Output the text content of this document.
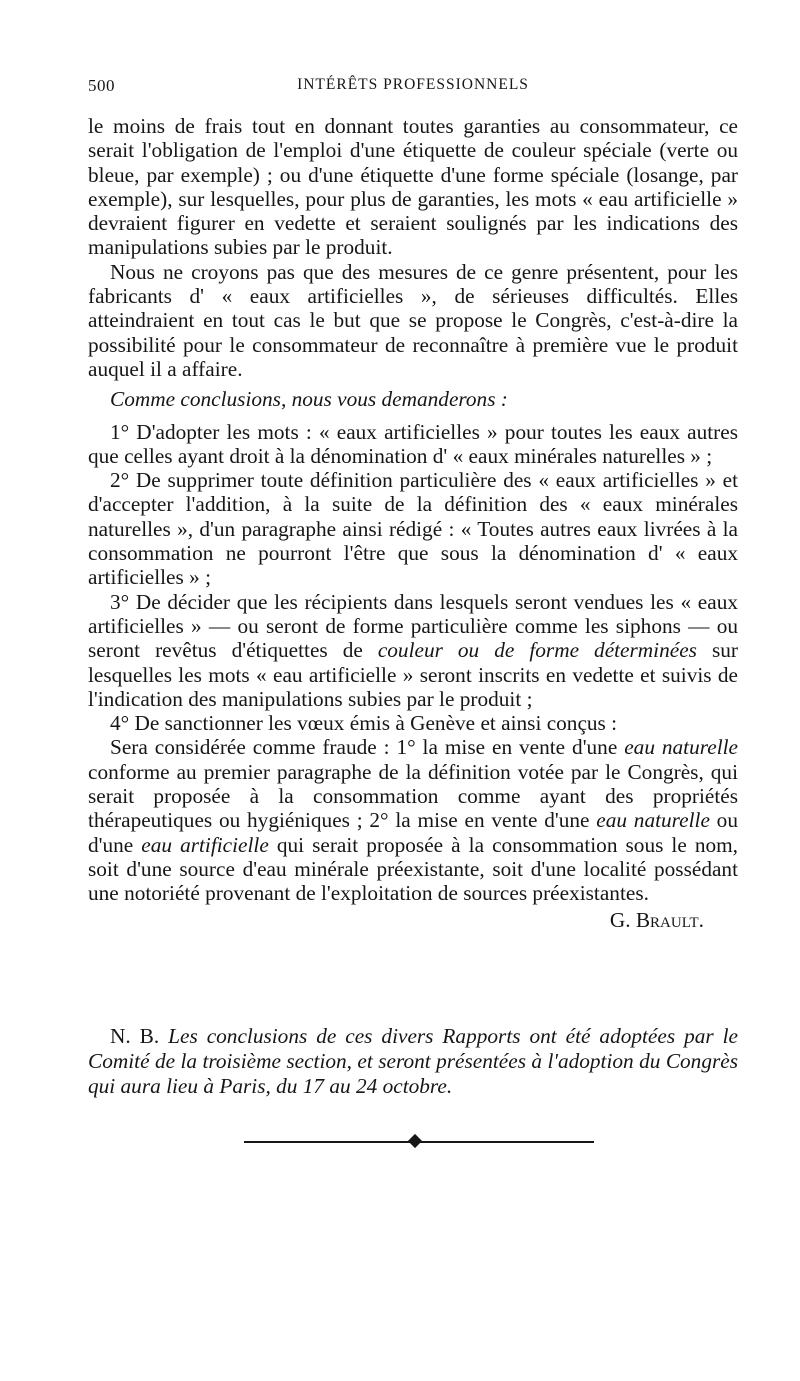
500	INTÉRÊTS PROFESSIONNELS

le moins de frais tout en donnant toutes garanties au consommateur, ce serait l'obligation de l'emploi d'une étiquette de couleur spéciale (verte ou bleue, par exemple) ; ou d'une étiquette d'une forme spéciale (losange, par exemple), sur lesquelles, pour plus de garanties, les mots « eau artificielle » devraient figurer en vedette et seraient soulignés par les indications des manipulations subies par le produit.

Nous ne croyons pas que des mesures de ce genre présentent, pour les fabricants d' « eaux artificielles », de sérieuses difficultés. Elles atteindraient en tout cas le but que se propose le Congrès, c'est-à-dire la possibilité pour le consommateur de reconnaître à première vue le produit auquel il a affaire.

Comme conclusions, nous vous demanderons :

1° D'adopter les mots : « eaux artificielles » pour toutes les eaux autres que celles ayant droit à la dénomination d' « eaux minérales naturelles » ;

2° De supprimer toute définition particulière des « eaux artificielles » et d'accepter l'addition, à la suite de la définition des « eaux minérales naturelles », d'un paragraphe ainsi rédigé : « Toutes autres eaux livrées à la consommation ne pourront l'être que sous la dénomination d' « eaux artificielles » ;

3° De décider que les récipients dans lesquels seront vendues les « eaux artificielles » — ou seront de forme particulière comme les siphons — ou seront revêtus d'étiquettes de couleur ou de forme déterminées sur lesquelles les mots « eau artificielle » seront inscrits en vedette et suivis de l'indication des manipulations subies par le produit ;

4° De sanctionner les vœux émis à Genève et ainsi conçus :

Sera considérée comme fraude : 1° la mise en vente d'une eau naturelle conforme au premier paragraphe de la définition votée par le Congrès, qui serait proposée à la consommation comme ayant des propriétés thérapeutiques ou hygiéniques ; 2° la mise en vente d'une eau naturelle ou d'une eau artificielle qui serait proposée à la consommation sous le nom, soit d'une source d'eau minérale préexistante, soit d'une localité possédant une notoriété provenant de l'exploitation de sources préexistantes.

G. Brault.

N. B. Les conclusions de ces divers Rapports ont été adoptées par le Comité de la troisième section, et seront présentées à l'adoption du Congrès qui aura lieu à Paris, du 17 au 24 octobre.
